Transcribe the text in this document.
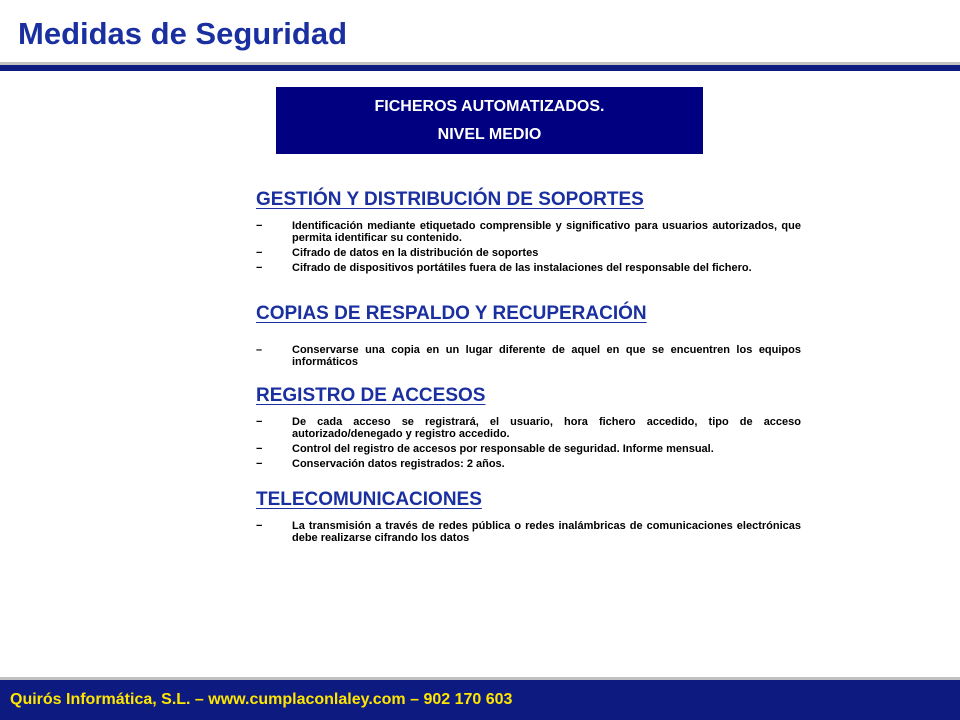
Medidas de Seguridad
FICHEROS AUTOMATIZADOS.
NIVEL MEDIO
GESTIÓN Y DISTRIBUCIÓN DE SOPORTES
−	Identificación mediante etiquetado comprensible y significativo para usuarios autorizados, que permita identificar su contenido.
−	Cifrado de datos en la distribución de soportes
−	Cifrado de dispositivos portátiles fuera de las instalaciones del responsable del fichero.
COPIAS DE RESPALDO Y RECUPERACIÓN
–	Conservarse una copia en un lugar diferente de aquel en que se encuentren los equipos informáticos
REGISTRO DE ACCESOS
−	De cada acceso se registrará, el usuario, hora fichero accedido, tipo de acceso autorizado/denegado y registro accedido.
−	Control del registro de accesos por responsable de seguridad. Informe mensual.
−	Conservación datos registrados: 2 años.
TELECOMUNICACIONES
−	La transmisión a través de redes pública o redes inalámbricas de comunicaciones electrónicas debe realizarse cifrando los datos
Quirós Informática, S.L. – www.cumplaconlaley.com – 902 170 603
